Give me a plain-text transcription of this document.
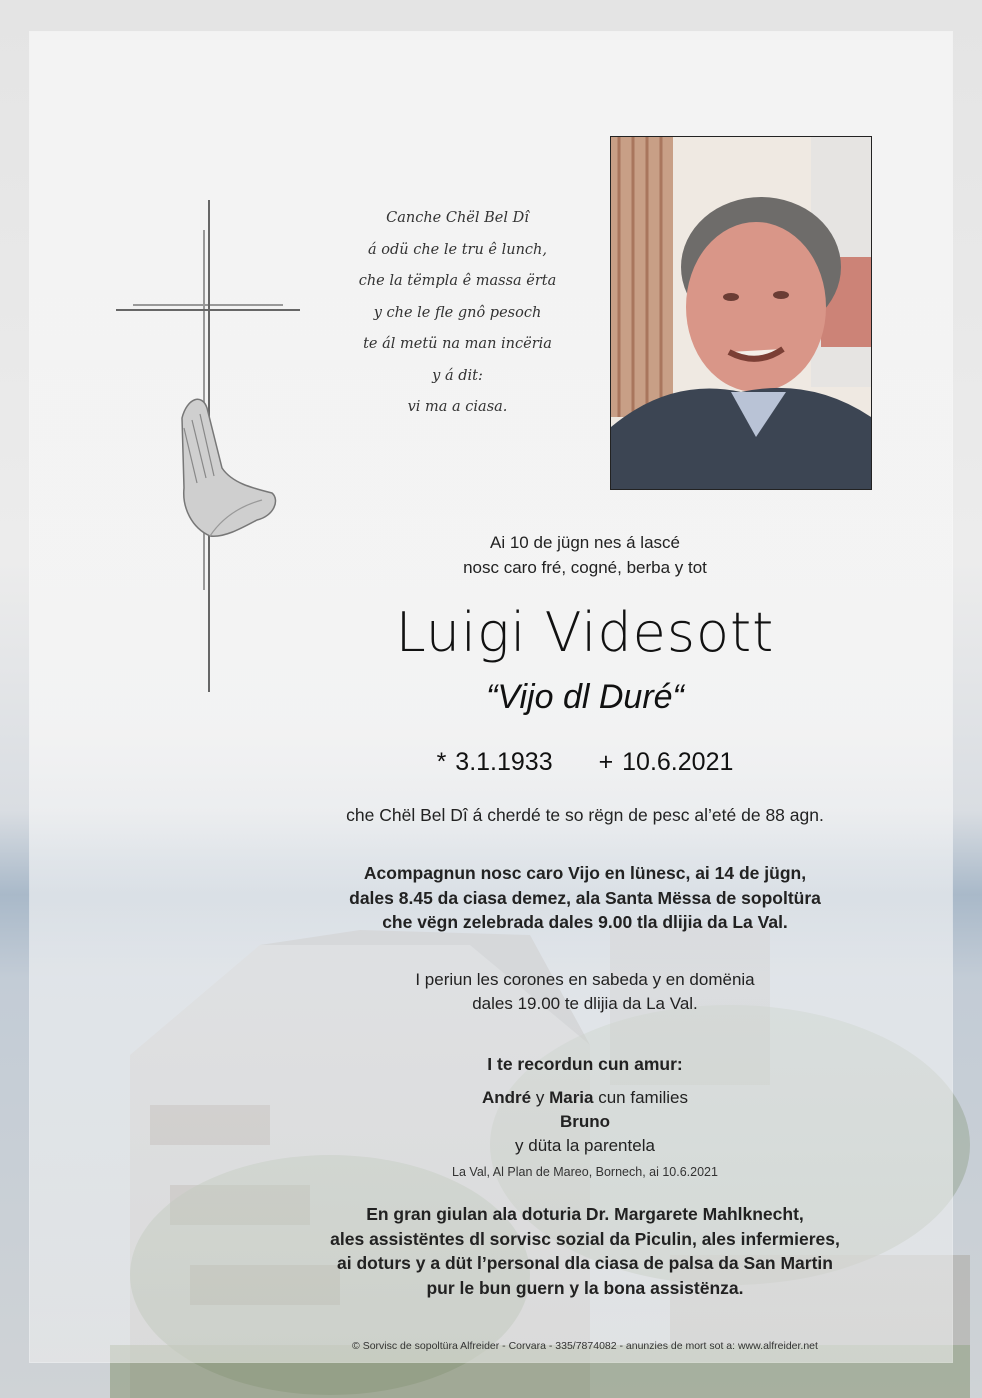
Canche Chël Bel Dî
á odü che le tru ê lunch,
che la tëmpla ê massa ërta
y che le fle gnô pesoch
te ál metü na man incëria
y á dit:
vi ma a ciasa.
Ai 10 de jügn nes á lascé
nosc caro fré, cogné, berba y tot
Luigi Videsott
“Vijo dl Duré“
* 3.1.1933 + 10.6.2021
che Chël Bel Dî á cherdé te so rëgn de pesc al’eté de 88 agn.
Acompagnun nosc caro Vijo en lünesc, ai 14 de jügn,
dales 8.45 da ciasa demez, ala Santa Mëssa de sopoltüra
che vëgn zelebrada dales 9.00 tla dlijia da La Val.
I periun les corones en sabeda y en domënia
dales 19.00 te dlijia da La Val.
I te recordun cun amur:
André y Maria cun families
Bruno
y düta la parentela
La Val, Al Plan de Mareo, Bornech, ai 10.6.2021
En gran giulan ala doturia Dr. Margarete Mahlknecht,
ales assistëntes dl sorvisc sozial da Piculin, ales infermieres,
ai doturs y a düt l’personal dla ciasa de palsa da San Martin
pur le bun guern y la bona assistënza.
© Sorvisc de sopoltüra Alfreider - Corvara - 335/7874082 - anunzies de mort sot a: www.alfreider.net
